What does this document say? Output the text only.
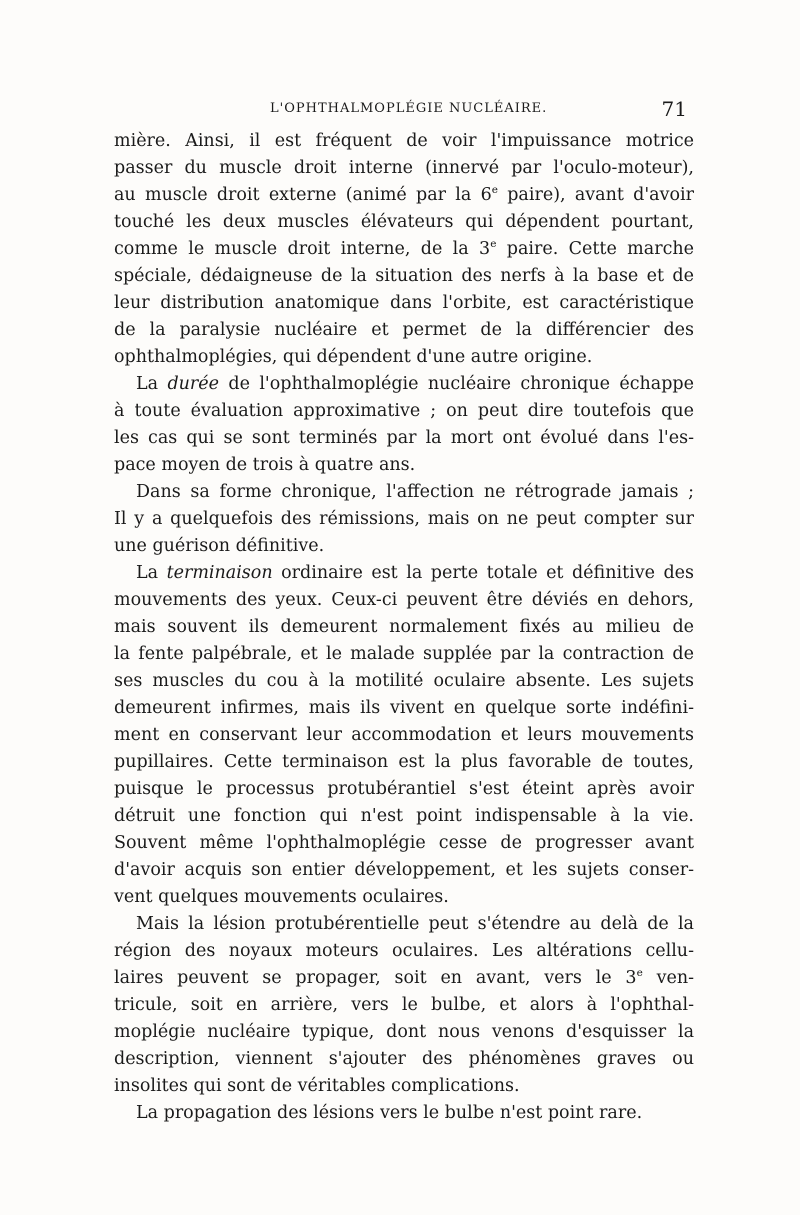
L'OPHTHALMOPLÉGIE NUCLÉAIRE.	71
mière. Ainsi, il est fréquent de voir l'impuissance motrice
passer du muscle droit interne (innervé par l'oculo-moteur),
au muscle droit externe (animé par la 6e paire), avant d'avoir
touché les deux muscles élévateurs qui dépendent pourtant,
comme le muscle droit interne, de la 3e paire. Cette marche
spéciale, dédaigneuse de la situation des nerfs à la base et de
leur distribution anatomique dans l'orbite, est caractéristique
de la paralysie nucléaire et permet de la différencier des
ophthalmoplégies, qui dépendent d'une autre origine.
La durée de l'ophthalmoplégie nucléaire chronique échappe
à toute évaluation approximative ; on peut dire toutefois que
les cas qui se sont terminés par la mort ont évolué dans l'es-
pace moyen de trois à quatre ans.
Dans sa forme chronique, l'affection ne rétrograde jamais ;
Il y a quelquefois des rémissions, mais on ne peut compter sur
une guérison définitive.
La terminaison ordinaire est la perte totale et définitive des
mouvements des yeux. Ceux-ci peuvent être déviés en dehors,
mais souvent ils demeurent normalement fixés au milieu de
la fente palpébrale, et le malade supplée par la contraction de
ses muscles du cou à la motilité oculaire absente. Les sujets
demeurent infirmes, mais ils vivent en quelque sorte indéfini-
ment en conservant leur accommodation et leurs mouvements
pupillaires. Cette terminaison est la plus favorable de toutes,
puisque le processus protubérantiel s'est éteint après avoir
détruit une fonction qui n'est point indispensable à la vie.
Souvent même l'ophthalmoplégie cesse de progresser avant
d'avoir acquis son entier développement, et les sujets conser-
vent quelques mouvements oculaires.
Mais la lésion protubérentielle peut s'étendre au delà de la
région des noyaux moteurs oculaires. Les altérations cellu-
laires peuvent se propager, soit en avant, vers le 3e ven-
tricule, soit en arrière, vers le bulbe, et alors à l'ophthal-
moplégie nucléaire typique, dont nous venons d'esquisser la
description, viennent s'ajouter des phénomènes graves ou
insolites qui sont de véritables complications.
La propagation des lésions vers le bulbe n'est point rare.
